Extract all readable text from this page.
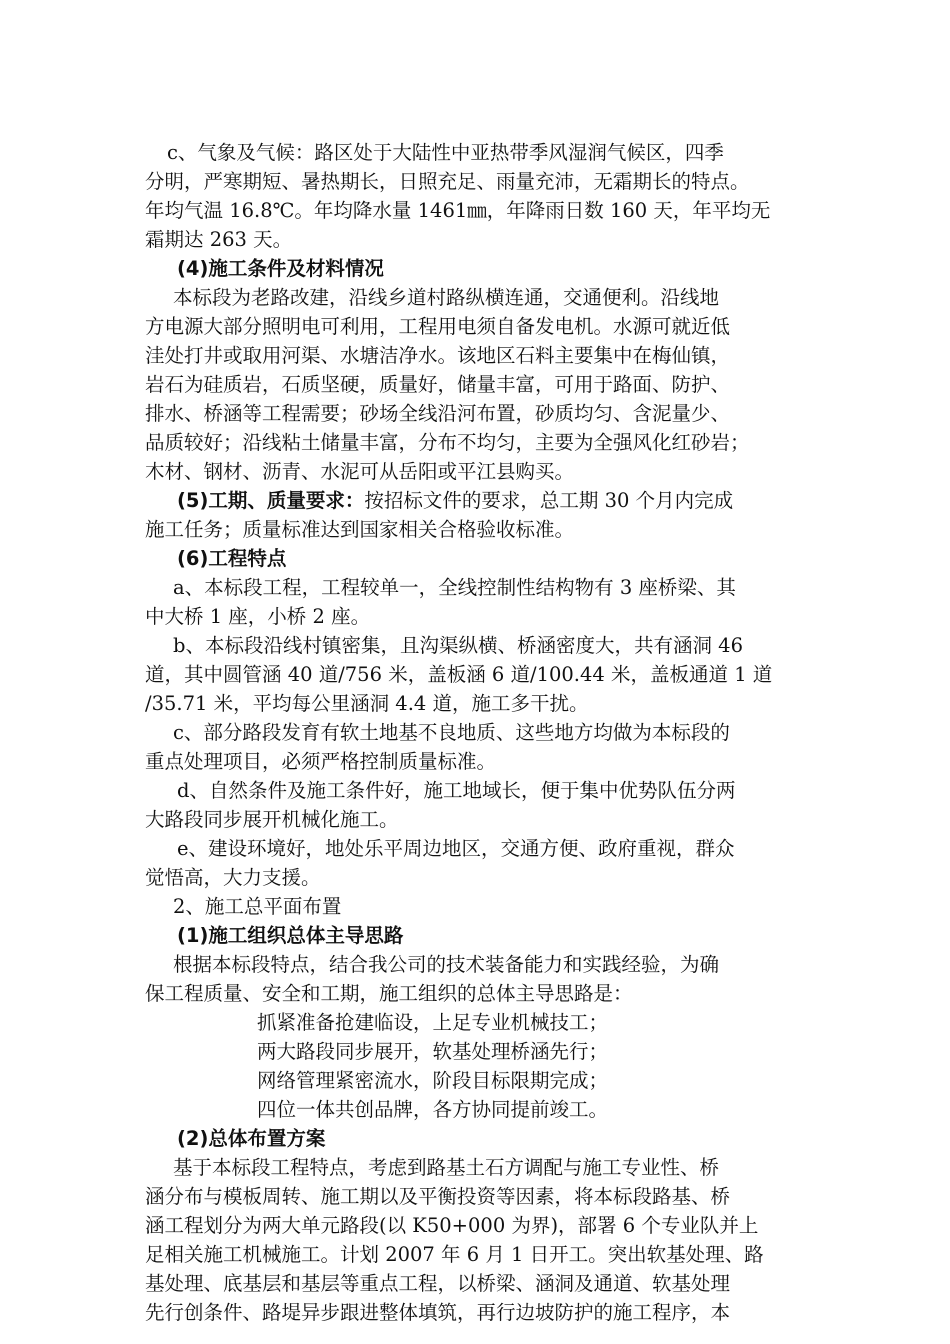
c、气象及气候：路区处于大陆性中亚热带季风湿润气候区，四季
分明，严寒期短、暑热期长，日照充足、雨量充沛，无霜期长的特点。
年均气温 16.8℃。年均降水量 1461㎜，年降雨日数 160 天，年平均无
霜期达 263 天。
(4)施工条件及材料情况
本标段为老路改建，沿线乡道村路纵横连通，交通便利。沿线地
方电源大部分照明电可利用，工程用电须自备发电机。水源可就近低
洼处打井或取用河渠、水塘洁净水。该地区石料主要集中在梅仙镇，
岩石为硅质岩，石质坚硬，质量好，储量丰富，可用于路面、防护、
排水、桥涵等工程需要；砂场全线沿河布置，砂质均匀、含泥量少、
品质较好；沿线粘土储量丰富，分布不均匀，主要为全强风化红砂岩；
木材、钢材、沥青、水泥可从岳阳或平江县购买。
(5)工期、质量要求：按招标文件的要求，总工期 30 个月内完成
施工任务；质量标准达到国家相关合格验收标准。
(6)工程特点
a、本标段工程，工程较单一，全线控制性结构物有 3 座桥梁、其
中大桥 1 座，小桥 2 座。
b、本标段沿线村镇密集，且沟渠纵横、桥涵密度大，共有涵洞 46
道，其中圆管涵 40 道/756 米，盖板涵 6 道/100.44 米，盖板通道 1 道
/35.71 米，平均每公里涵洞 4.4 道，施工多干扰。
c、部分路段发育有软土地基不良地质、这些地方均做为本标段的
重点处理项目，必须严格控制质量标准。
d、自然条件及施工条件好，施工地域长，便于集中优势队伍分两
大路段同步展开机械化施工。
e、建设环境好，地处乐平周边地区，交通方便、政府重视，群众
觉悟高，大力支援。
2、施工总平面布置
(1)施工组织总体主导思路
根据本标段特点，结合我公司的技术装备能力和实践经验，为确
保工程质量、安全和工期，施工组织的总体主导思路是：
抓紧准备抢建临设，上足专业机械技工；
两大路段同步展开，软基处理桥涵先行；
网络管理紧密流水，阶段目标限期完成；
四位一体共创品牌，各方协同提前竣工。
(2)总体布置方案
基于本标段工程特点，考虑到路基土石方调配与施工专业性、桥
涵分布与模板周转、施工期以及平衡投资等因素，将本标段路基、桥
涵工程划分为两大单元路段(以 K50+000 为界)，部署 6 个专业队并上
足相关施工机械施工。计划 2007 年 6 月 1 日开工。突出软基处理、路
基处理、底基层和基层等重点工程，以桥梁、涵洞及通道、软基处理
先行创条件、路堤异步跟进整体填筑，再行边坡防护的施工程序，本
